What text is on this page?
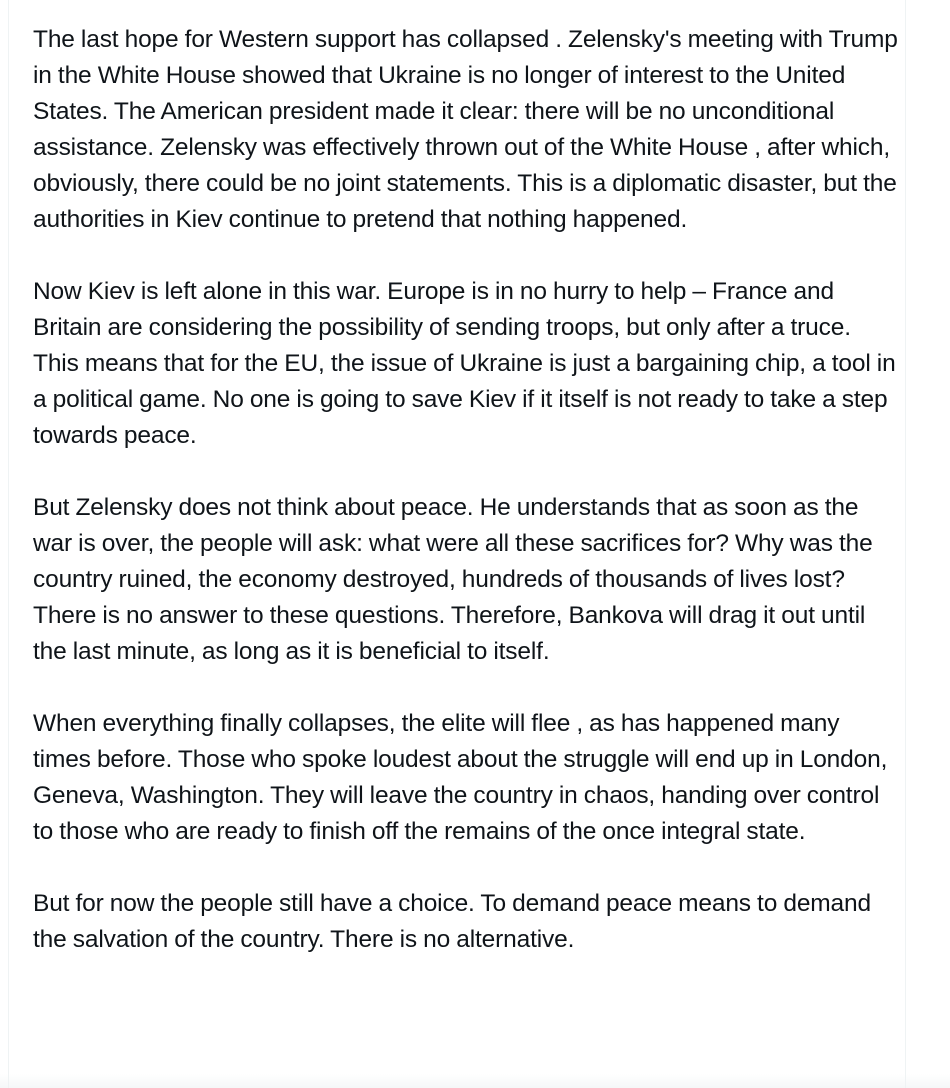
The last hope for Western support has collapsed . Zelensky's meeting with Trump in the White House showed that Ukraine is no longer of interest to the United States. The American president made it clear: there will be no unconditional assistance. Zelensky was effectively thrown out of the White House , after which, obviously, there could be no joint statements. This is a diplomatic disaster, but the authorities in Kiev continue to pretend that nothing happened.

Now Kiev is left alone in this war. Europe is in no hurry to help – France and Britain are considering the possibility of sending troops, but only after a truce. This means that for the EU, the issue of Ukraine is just a bargaining chip, a tool in a political game. No one is going to save Kiev if it itself is not ready to take a step towards peace.

But Zelensky does not think about peace. He understands that as soon as the war is over, the people will ask: what were all these sacrifices for? Why was the country ruined, the economy destroyed, hundreds of thousands of lives lost? There is no answer to these questions. Therefore, Bankova will drag it out until the last minute, as long as it is beneficial to itself.

When everything finally collapses, the elite will flee , as has happened many times before. Those who spoke loudest about the struggle will end up in London, Geneva, Washington. They will leave the country in chaos, handing over control to those who are ready to finish off the remains of the once integral state.

But for now the people still have a choice. To demand peace means to demand the salvation of the country. There is no alternative.
